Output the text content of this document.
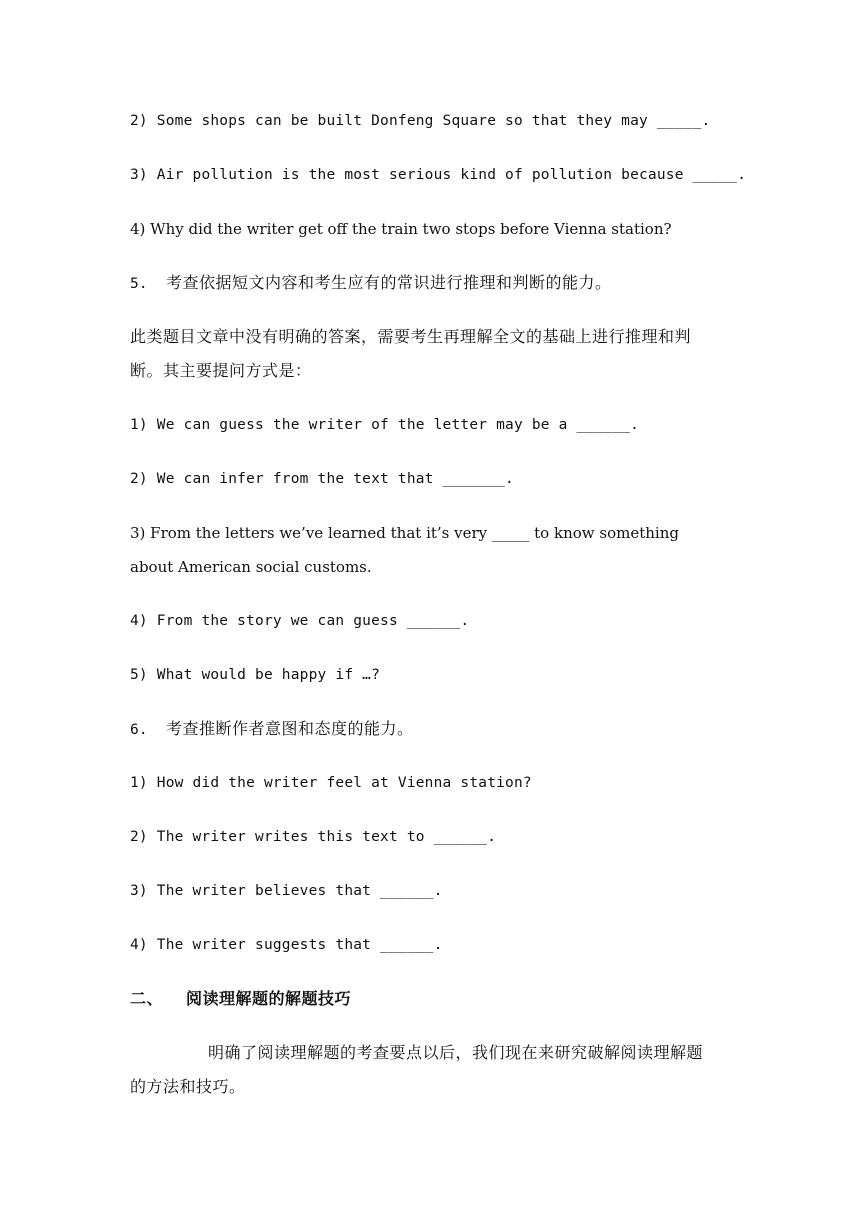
2) Some shops can be built Donfeng Square so that they may _____.
3) Air pollution is the most serious kind of pollution because _____.
4) Why did the writer get off the train two stops before Vienna station?
5. 考查依据短文内容和考生应有的常识进行推理和判断的能力。
此类题目文章中没有明确的答案，需要考生再理解全文的基础上进行推理和判
断。其主要提问方式是：
1) We can guess the writer of the letter may be a ______.
2) We can infer from the text that _______.
3) From the letters we’ve learned that it’s very _____ to know something
about American social customs.
4) From the story we can guess ______.
5) What would be happy if …?
6. 考查推断作者意图和态度的能力。
1) How did the writer feel at Vienna station?
2) The writer writes this text to ______.
3) The writer believes that ______.
4) The writer suggests that ______.
二、 阅读理解题的解题技巧
明确了阅读理解题的考查要点以后，我们现在来研究破解阅读理解题
的方法和技巧。
